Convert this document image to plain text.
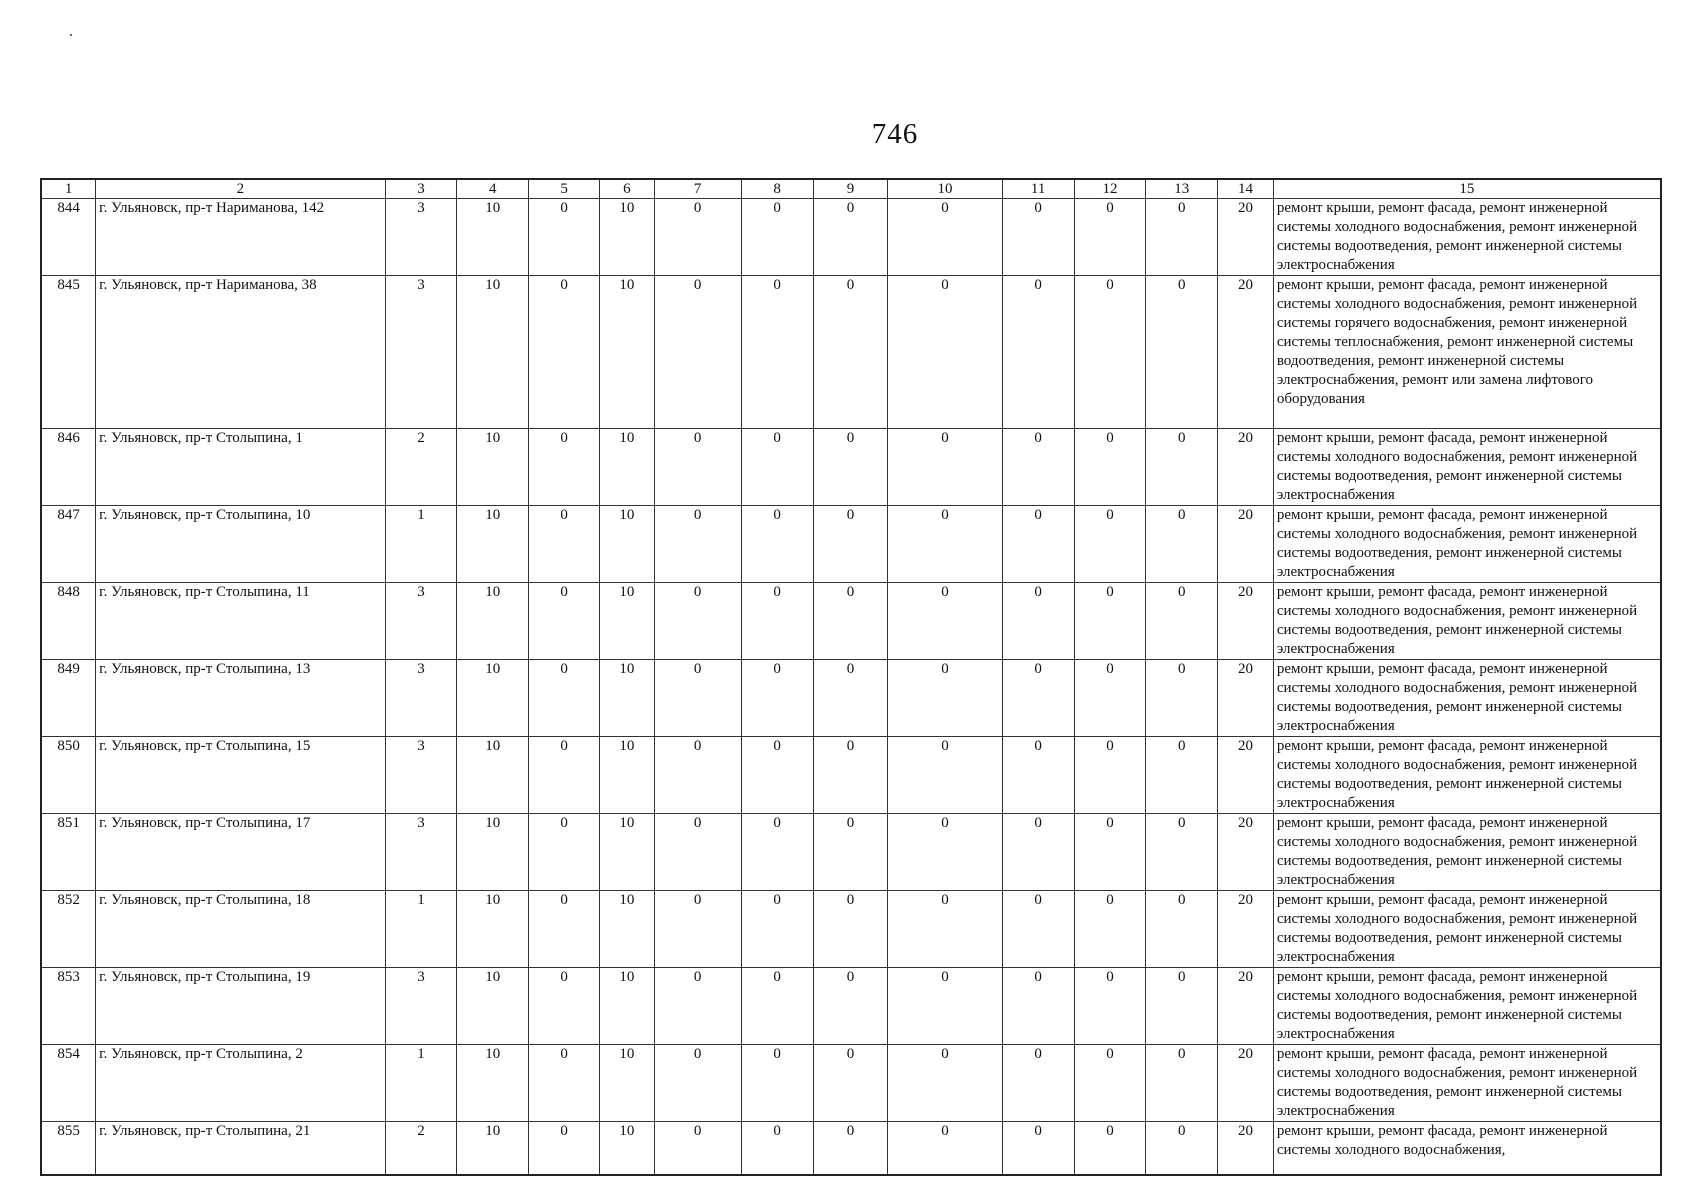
746
1	2	3	4	5	6	7	8	9	10	11	12	13	14	15
844	г. Ульяновск, пр-т Нариманова, 142	3	10	0	10	0	0	0	0	0	0	0	20	ремонт крыши, ремонт фасада, ремонт инженерной системы холодного водоснабжения, ремонт инженерной системы водоотведения, ремонт инженерной системы электроснабжения
845	г. Ульяновск, пр-т Нариманова, 38	3	10	0	10	0	0	0	0	0	0	0	20	ремонт крыши, ремонт фасада, ремонт инженерной системы холодного водоснабжения, ремонт инженерной системы горячего водоснабжения, ремонт инженерной системы теплоснабжения, ремонт инженерной системы водоотведения, ремонт инженерной системы электроснабжения, ремонт или замена лифтового оборудования
846	г. Ульяновск, пр-т Столыпина, 1	2	10	0	10	0	0	0	0	0	0	0	20	ремонт крыши, ремонт фасада, ремонт инженерной системы холодного водоснабжения, ремонт инженерной системы водоотведения, ремонт инженерной системы электроснабжения
847	г. Ульяновск, пр-т Столыпина, 10	1	10	0	10	0	0	0	0	0	0	0	20	ремонт крыши, ремонт фасада, ремонт инженерной системы холодного водоснабжения, ремонт инженерной системы водоотведения, ремонт инженерной системы электроснабжения
848	г. Ульяновск, пр-т Столыпина, 11	3	10	0	10	0	0	0	0	0	0	0	20	ремонт крыши, ремонт фасада, ремонт инженерной системы холодного водоснабжения, ремонт инженерной системы водоотведения, ремонт инженерной системы электроснабжения
849	г. Ульяновск, пр-т Столыпина, 13	3	10	0	10	0	0	0	0	0	0	0	20	ремонт крыши, ремонт фасада, ремонт инженерной системы холодного водоснабжения, ремонт инженерной системы водоотведения, ремонт инженерной системы электроснабжения
850	г. Ульяновск, пр-т Столыпина, 15	3	10	0	10	0	0	0	0	0	0	0	20	ремонт крыши, ремонт фасада, ремонт инженерной системы холодного водоснабжения, ремонт инженерной системы водоотведения, ремонт инженерной системы электроснабжения
851	г. Ульяновск, пр-т Столыпина, 17	3	10	0	10	0	0	0	0	0	0	0	20	ремонт крыши, ремонт фасада, ремонт инженерной системы холодного водоснабжения, ремонт инженерной системы водоотведения, ремонт инженерной системы электроснабжения
852	г. Ульяновск, пр-т Столыпина, 18	1	10	0	10	0	0	0	0	0	0	0	20	ремонт крыши, ремонт фасада, ремонт инженерной системы холодного водоснабжения, ремонт инженерной системы водоотведения, ремонт инженерной системы электроснабжения
853	г. Ульяновск, пр-т Столыпина, 19	3	10	0	10	0	0	0	0	0	0	0	20	ремонт крыши, ремонт фасада, ремонт инженерной системы холодного водоснабжения, ремонт инженерной системы водоотведения, ремонт инженерной системы электроснабжения
854	г. Ульяновск, пр-т Столыпина, 2	1	10	0	10	0	0	0	0	0	0	0	20	ремонт крыши, ремонт фасада, ремонт инженерной системы холодного водоснабжения, ремонт инженерной системы водоотведения, ремонт инженерной системы электроснабжения
855	г. Ульяновск, пр-т Столыпина, 21	2	10	0	10	0	0	0	0	0	0	0	20	ремонт крыши, ремонт фасада, ремонт инженерной системы холодного водоснабжения,
